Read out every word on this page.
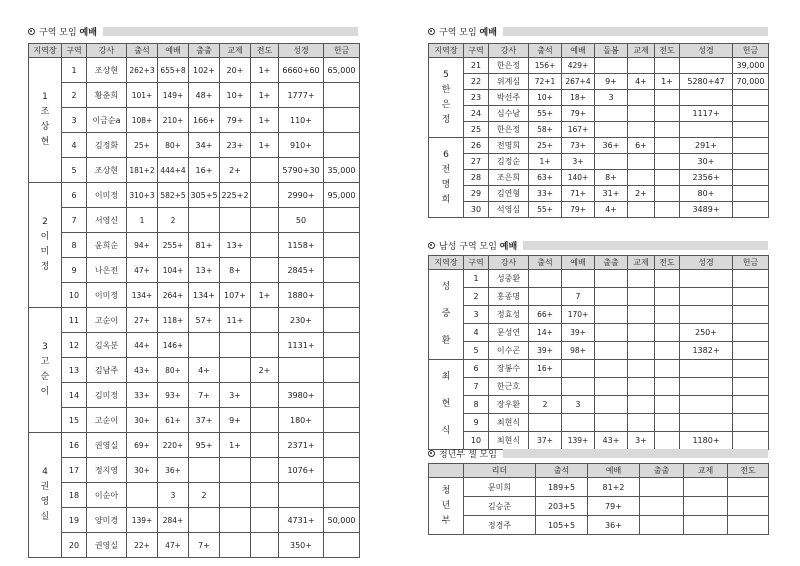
구역 모임 예배
지역장	구역	강사	출석	예배	출출	교제	전도	성경	헌금

1
조
상
현	1	조상현	262+3	655+8	102+	20+	1+	6660+60	65,000
	2	황춘희	101+	149+	48+	10+	1+	1777+	
	3	이금순a	108+	210+	166+	79+	1+	110+	
	4	김정화	25+	80+	34+	23+	1+	910+	
	5	조상현	181+2	444+4	16+	2+		5790+30	35,000

2
이
미
정	6	이미정	310+3	582+5	305+5	225+2		2990+	95,000
	7	서영신	1	2				50	
	8	윤희순	94+	255+	81+	13+		1158+	
	9	나은전	47+	104+	13+	8+		2845+	
	10	이미정	134+	264+	134+	107+	1+	1880+	

3
고
순
이	11	고순이	27+	118+	57+	11+		230+	
	12	김옥분	44+	146+				1131+	
	13	김남주	43+	80+	4+		2+		
	14	김미정	33+	93+	7+	3+		3980+	
	15	고순이	30+	61+	37+	9+		180+	

4
권
영
실	16	권영실	69+	220+	95+	1+		2371+	
	17	정지영	30+	36+				1076+	
	18	이순아		3	2				
	19	양미경	139+	284+				4731+	50,000
	20	권영실	22+	47+	7+			350+	
구역 모임 예배
지역장	구역	강사	출석	예배	돌봄	교제	전도	성경	헌금

5
한
은
정	21	한은정	156+	429+					39,000
	22	위계심	72+1	267+4	9+	4+	1+	5280+47	70,000
	23	박선주	10+	18+	3				
	24	심수남	55+	79+				1117+	
	25	한은정	58+	167+					

6
전
명
희	26	전명희	25+	73+	36+	6+		291+	
	27	김정순	1+	3+				30+	
	28	조은희	63+	140+	8+			2356+	
	29	김연형	33+	71+	31+	2+		80+	
	30	석영심	55+	79+	4+			3489+	
남성 구역 모임 예배
지역장	구역	강사	출석	예배	출출	교제	전도	성경	헌금

성
중
환	1	성중환							
	2	홍종명		7					
	3	정효성	66+	170+					
	4	문성연	14+	39+				250+	
	5	이수곤	39+	98+				1382+	

최
현
식	6	장봉수	16+						
	7	한근호							
	8	장우환	2	3					
	9	최현식							
	10	최현식	37+	139+	43+	3+		1180+	
청년부 셀 모임
	리더	출석	예배	출출	교제	전도	

청
년
부	문미희	189+5	81+2				
	김승준	203+5	79+				
	정경주	105+5	36+				
